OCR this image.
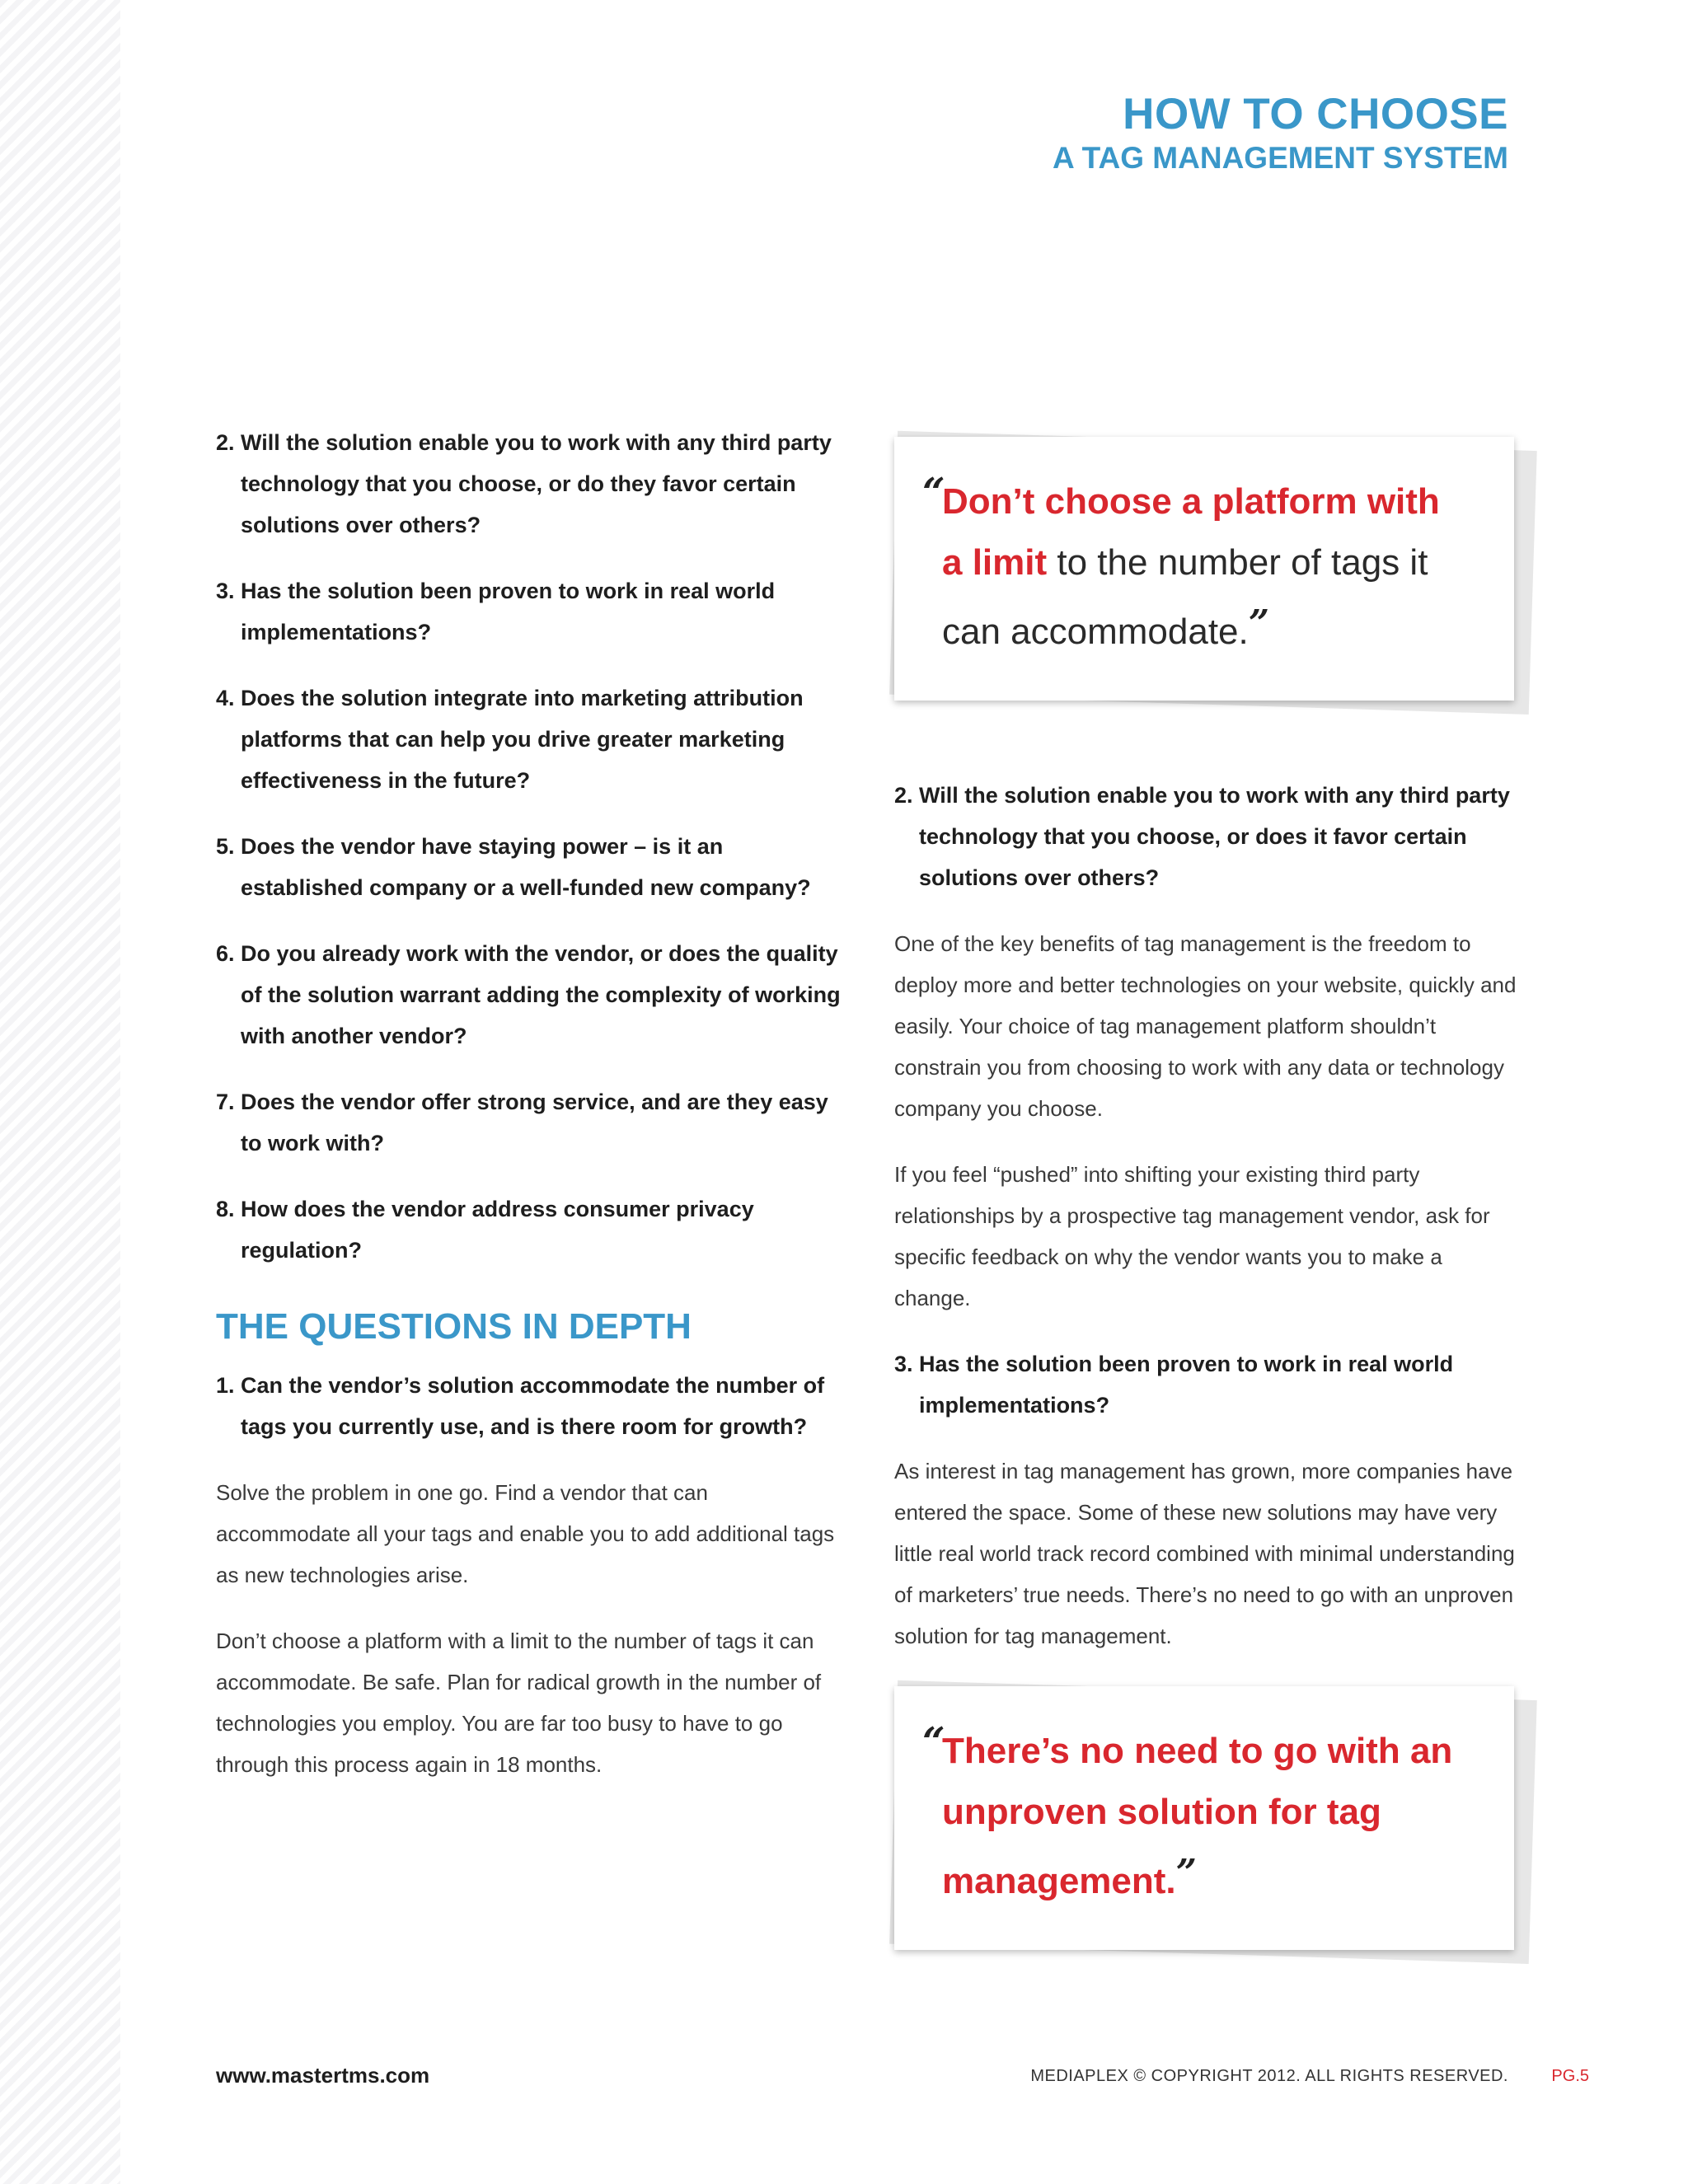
HOW TO CHOOSE
A TAG MANAGEMENT SYSTEM
2. Will the solution enable you to work with any third party technology that you choose, or do they favor certain solutions over others?
3. Has the solution been proven to work in real world implementations?
4. Does the solution integrate into marketing attribution platforms that can help you drive greater marketing effectiveness in the future?
5. Does the vendor have staying power – is it an established company or a well-funded new company?
6. Do you already work with the vendor, or does the quality of the solution warrant adding the complexity of working with another vendor?
7. Does the vendor offer strong service, and are they easy to work with?
8. How does the vendor address consumer privacy regulation?
THE QUESTIONS IN DEPTH
1. Can the vendor’s solution accommodate the number of tags you currently use, and is there room for growth?
Solve the problem in one go. Find a vendor that can accommodate all your tags and enable you to add additional tags as new technologies arise.
Don’t choose a platform with a limit to the number of tags it can accommodate. Be safe. Plan for radical growth in the number of technologies you employ. You are far too busy to have to go through this process again in 18 months.
“
Don’t choose a platform with a limit to the number of tags it can accommodate.”
2. Will the solution enable you to work with any third party technology that you choose, or does it favor certain solutions over others?
One of the key benefits of tag management is the freedom to deploy more and better technologies on your website, quickly and easily. Your choice of tag management platform shouldn’t constrain you from choosing to work with any data or technology company you choose.
If you feel “pushed” into shifting your existing third party relationships by a prospective tag management vendor, ask for specific feedback on why the vendor wants you to make a change.
3. Has the solution been proven to work in real world implementations?
As interest in tag management has grown, more companies have entered the space. Some of these new solutions may have very little real world track record combined with minimal understanding of marketers’ true needs. There’s no need to go with an unproven solution for tag management.
“
There’s no need to go with an unproven solution for tag management.”
www.mastertms.com	MEDIAPLEX © COPYRIGHT 2012. ALL RIGHTS RESERVED.	PG.5
